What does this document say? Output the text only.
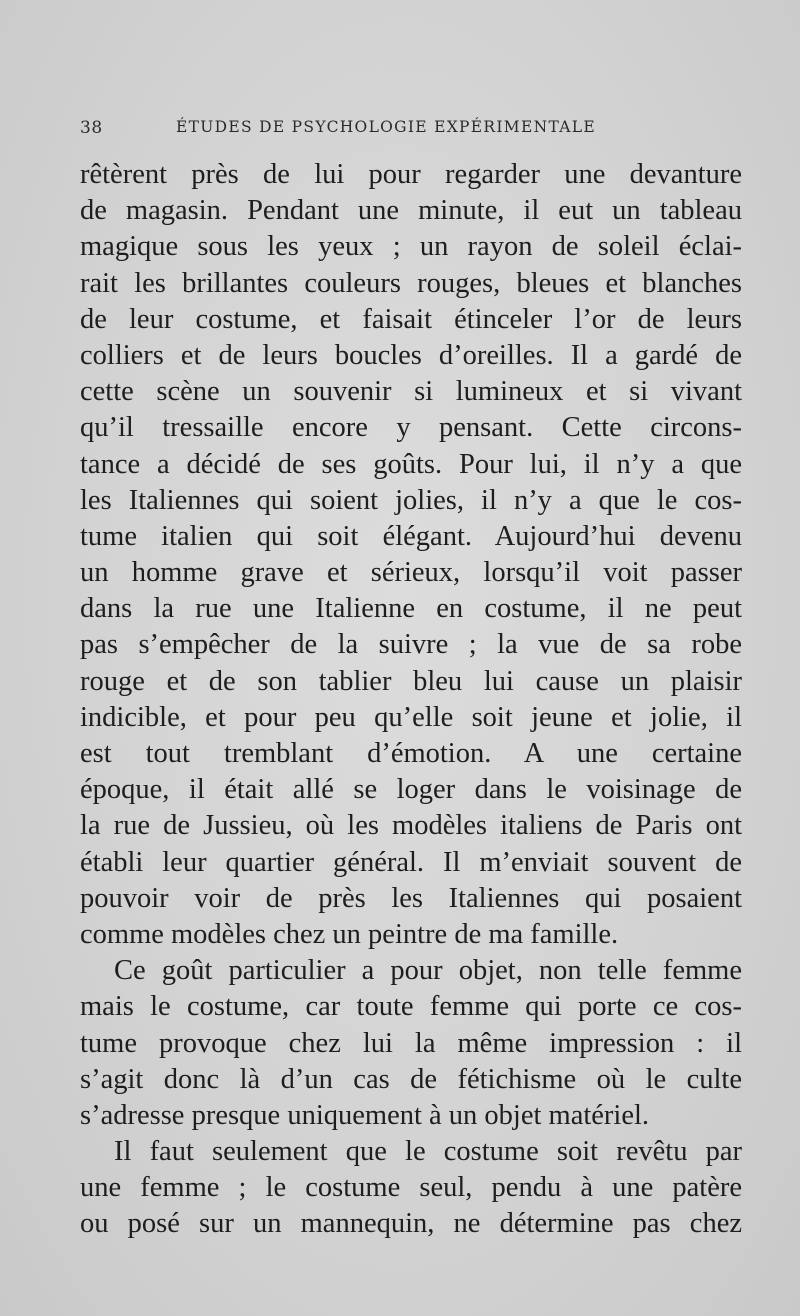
38	ÉTUDES DE PSYCHOLOGIE EXPÉRIMENTALE
rêtèrent près de lui pour regarder une devanture
de magasin. Pendant une minute, il eut un tableau
magique sous les yeux ; un rayon de soleil éclai-
rait les brillantes couleurs rouges, bleues et blanches
de leur costume, et faisait étinceler l’or de leurs
colliers et de leurs boucles d’oreilles. Il a gardé de
cette scène un souvenir si lumineux et si vivant
qu’il tressaille encore y pensant. Cette circons-
tance a décidé de ses goûts. Pour lui, il n’y a que
les Italiennes qui soient jolies, il n’y a que le cos-
tume italien qui soit élégant. Aujourd’hui devenu
un homme grave et sérieux, lorsqu’il voit passer
dans la rue une Italienne en costume, il ne peut
pas s’empêcher de la suivre ; la vue de sa robe
rouge et de son tablier bleu lui cause un plaisir
indicible, et pour peu qu’elle soit jeune et jolie, il
est tout tremblant d’émotion. A une certaine
époque, il était allé se loger dans le voisinage de
la rue de Jussieu, où les modèles italiens de Paris ont
établi leur quartier général. Il m’enviait souvent de
pouvoir voir de près les Italiennes qui posaient
comme modèles chez un peintre de ma famille.
Ce goût particulier a pour objet, non telle femme
mais le costume, car toute femme qui porte ce cos-
tume provoque chez lui la même impression : il
s’agit donc là d’un cas de fétichisme où le culte
s’adresse presque uniquement à un objet matériel.
Il faut seulement que le costume soit revêtu par
une femme ; le costume seul, pendu à une patère
ou posé sur un mannequin, ne détermine pas chez
